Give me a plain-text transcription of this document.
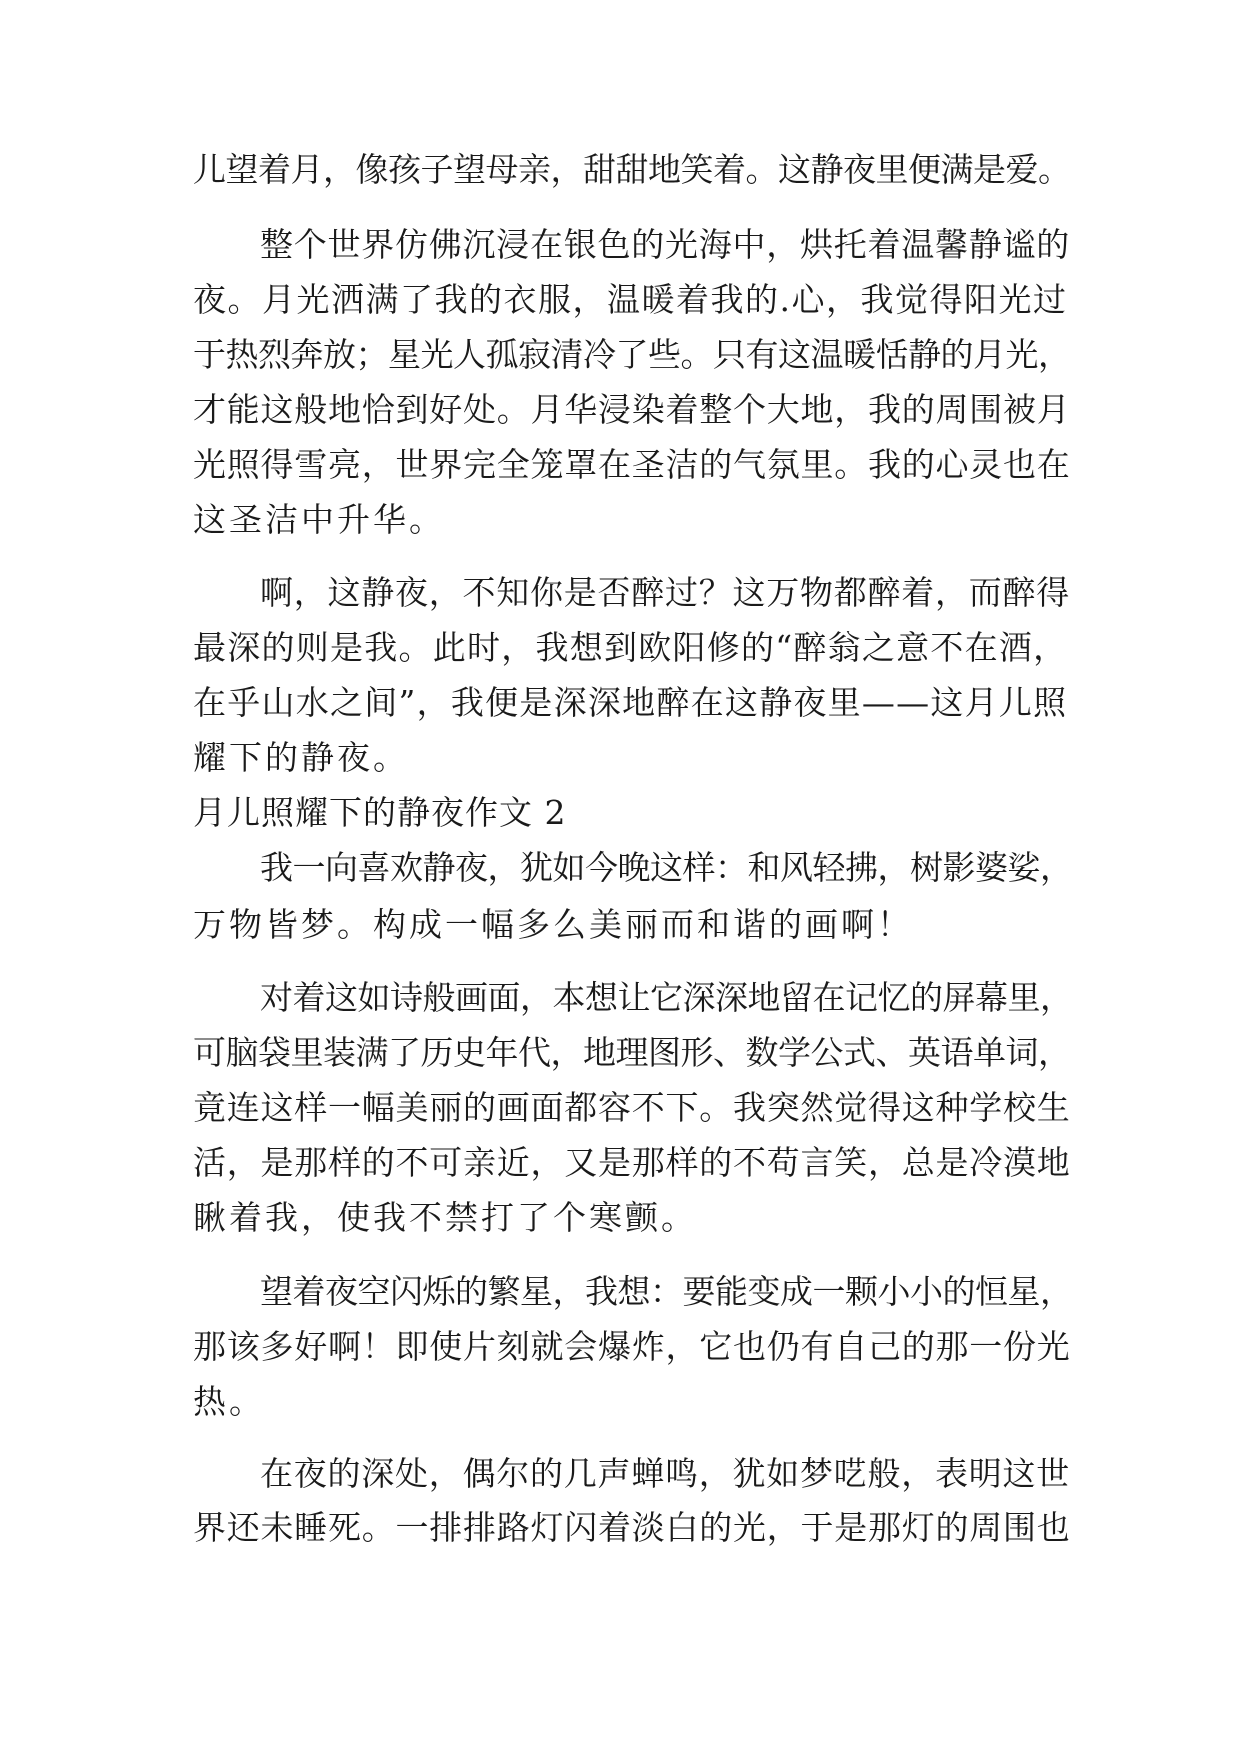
儿望着月，像孩子望母亲，甜甜地笑着。这静夜里便满是爱。
整个世界仿佛沉浸在银色的光海中，烘托着温馨静谧的
夜。月光洒满了我的衣服，温暖着我的.心，我觉得阳光过
于热烈奔放；星光人孤寂清冷了些。只有这温暖恬静的月光，
才能这般地恰到好处。月华浸染着整个大地，我的周围被月
光照得雪亮，世界完全笼罩在圣洁的气氛里。我的心灵也在
这圣洁中升华。
啊，这静夜，不知你是否醉过？这万物都醉着，而醉得
最深的则是我。此时，我想到欧阳修的“醉翁之意不在酒，
在乎山水之间”，我便是深深地醉在这静夜里——这月儿照
耀下的静夜。
月儿照耀下的静夜作文 2
我一向喜欢静夜，犹如今晚这样：和风轻拂，树影婆娑，
万物皆梦。构成一幅多么美丽而和谐的画啊！
对着这如诗般画面，本想让它深深地留在记忆的屏幕里，
可脑袋里装满了历史年代，地理图形、数学公式、英语单词，
竟连这样一幅美丽的画面都容不下。我突然觉得这种学校生
活，是那样的不可亲近，又是那样的不苟言笑，总是冷漠地
瞅着我，使我不禁打了个寒颤。
望着夜空闪烁的繁星，我想：要能变成一颗小小的恒星，
那该多好啊！即使片刻就会爆炸，它也仍有自己的那一份光
热。
在夜的深处，偶尔的几声蝉鸣，犹如梦呓般，表明这世
界还未睡死。一排排路灯闪着淡白的光，于是那灯的周围也
